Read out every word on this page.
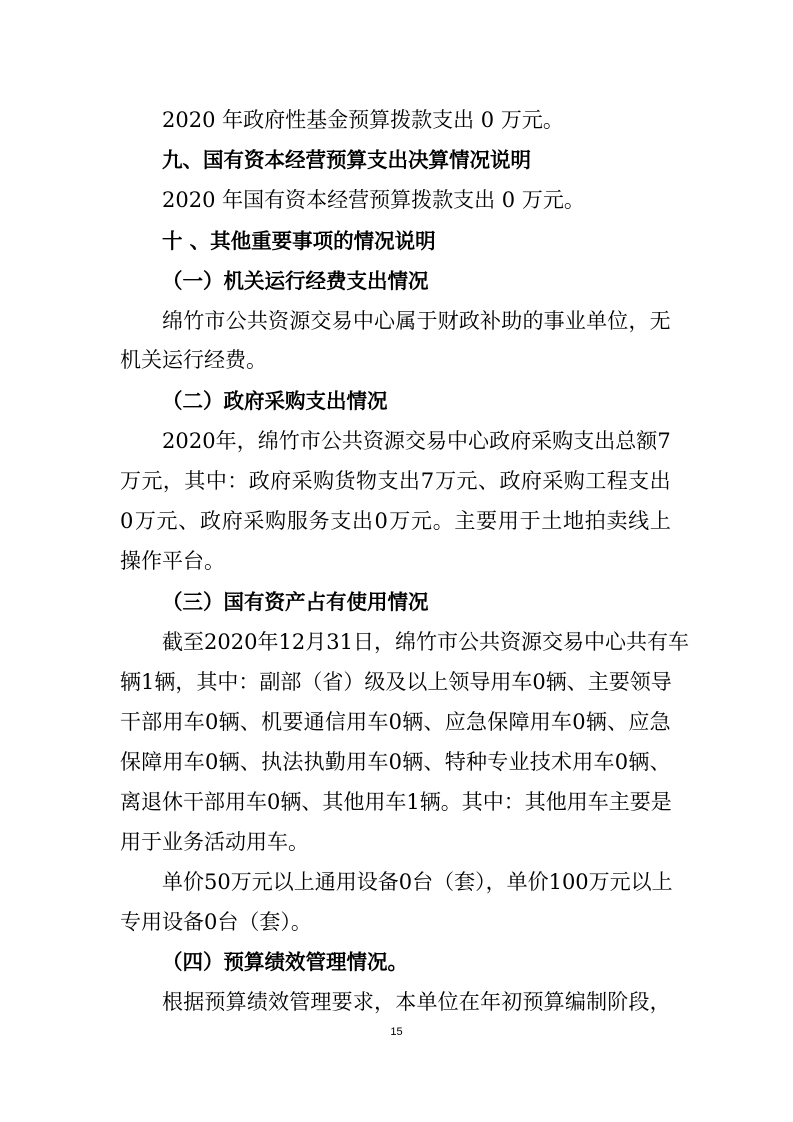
2020 年政府性基金预算拨款支出 0 万元。
九、国有资本经营预算支出决算情况说明
2020 年国有资本经营预算拨款支出 0 万元。
十 、其他重要事项的情况说明
（一）机关运行经费支出情况
绵 竹 市 公 共 资 源 交 易 中 心 属 于 财 政 补 助 的 事 业 单 位 ， 无
机关运行经费。
（二）政府采购支出情况
2 0 2 0 年 ， 绵 竹 市 公 共 资 源 交 易 中 心 政 府 采 购 支 出 总 额 7
万 元 ， 其 中 ： 政 府 采 购 货 物 支 出 7 万 元 、 政 府 采 购 工 程 支 出
0 万 元 、 政 府 采 购 服 务 支 出 0 万 元 。 主 要 用 于 土 地 拍 卖 线 上
操作平台。
（三）国有资产占有使用情况
截 至 2 0 2 0 年 1 2 月 3 1 日 ， 绵 竹 市 公 共 资 源 交 易 中 心 共 有 车
辆 1 辆 ， 其 中 ： 副 部 （ 省 ） 级 及 以 上 领 导 用 车 0 辆 、 主 要 领 导
干 部 用 车 0 辆 、 机 要 通 信 用 车 0 辆 、 应 急 保 障 用 车 0 辆 、 应 急
保 障 用 车 0 辆 、 执 法 执 勤 用 车 0 辆 、 特 种 专 业 技 术 用 车 0 辆 、
离 退 休 干 部 用 车 0 辆 、 其 他 用 车 1 辆 。 其 中 ： 其 他 用 车 主 要 是
用于业务活动用车。
单价50万元以上通用设备0台（套），单价100万元以上
专用设备0台（套）。
（四）预算绩效管理情况。
根 据 预 算 绩 效 管 理 要 求 ， 本 单 位 在 年 初 预 算 编 制 阶 段 ，
15
